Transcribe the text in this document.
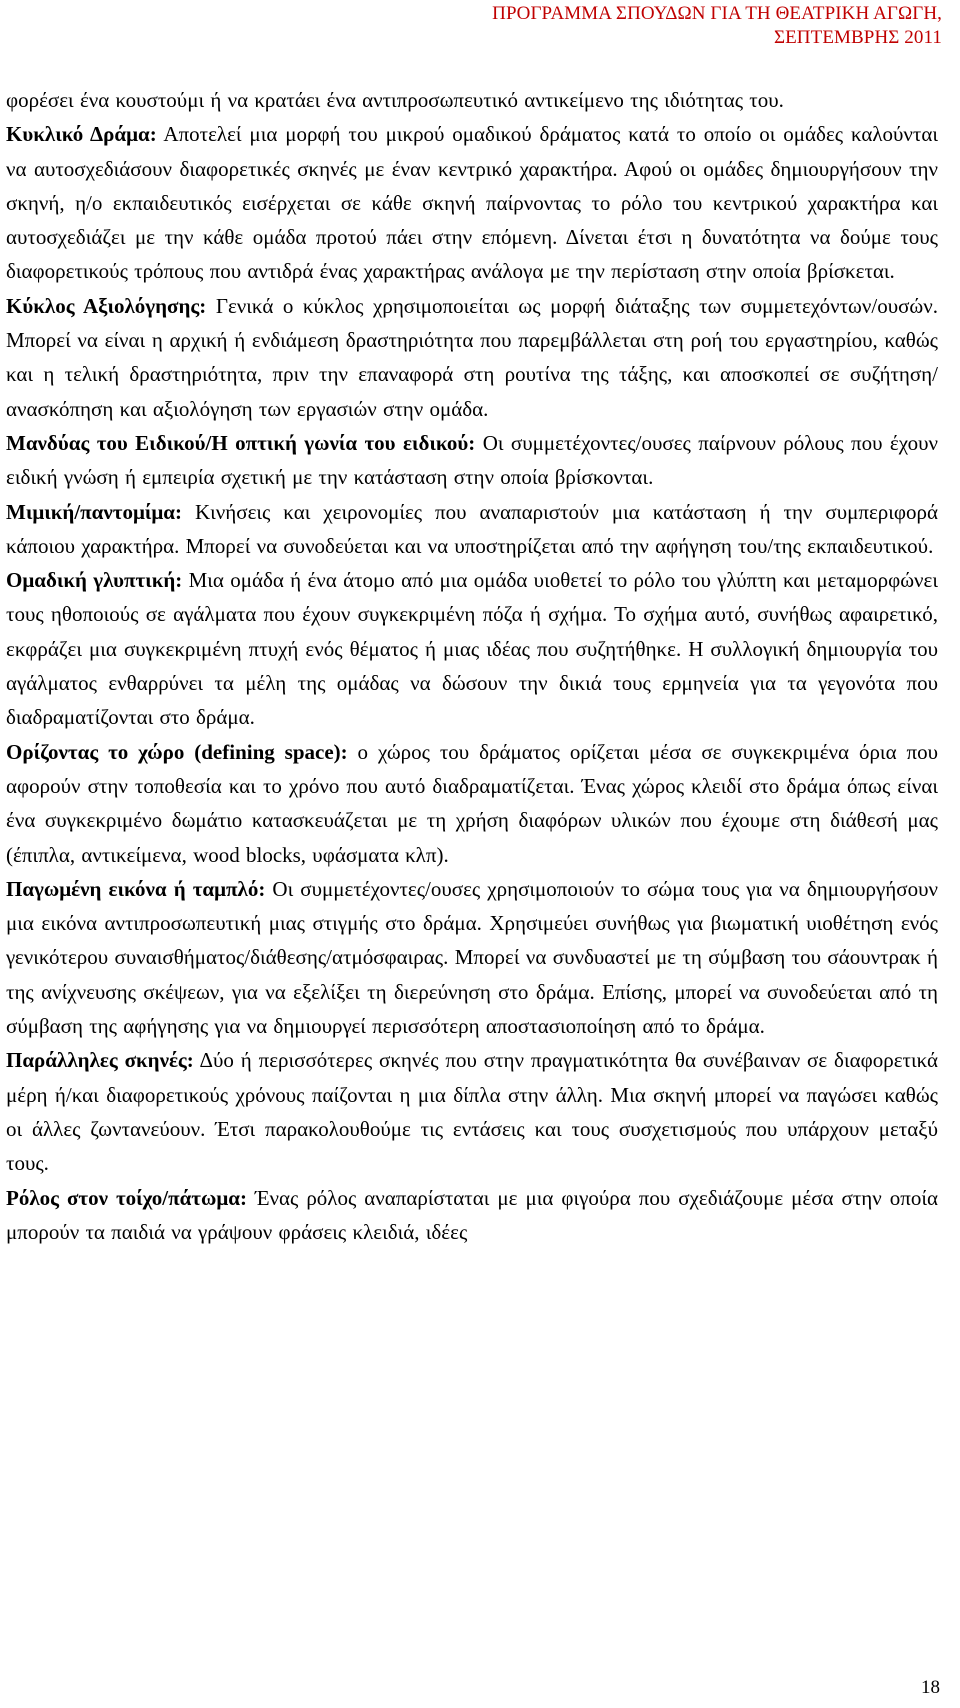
ΠΡΟΓΡΑΜΜΑ ΣΠΟΥΔΩΝ ΓΙΑ ΤΗ ΘΕΑΤΡΙΚΗ ΑΓΩΓΗ,
ΣΕΠΤΕΜΒΡΗΣ 2011

φορέσει ένα κουστούμι ή να κρατάει ένα αντιπροσωπευτικό αντικείμενο της ιδιότητας του.

Κυκλικό Δράμα: Αποτελεί μια μορφή του μικρού ομαδικού δράματος κατά το οποίο οι ομάδες καλούνται να αυτοσχεδιάσουν διαφορετικές σκηνές με έναν κεντρικό χαρακτήρα. Αφού οι ομάδες δημιουργήσουν την σκηνή, η/ο εκπαιδευτικός εισέρχεται σε κάθε σκηνή παίρνοντας το ρόλο του κεντρικού χαρακτήρα και αυτοσχεδιάζει με την κάθε ομάδα προτού πάει στην επόμενη. Δίνεται έτσι η δυνατότητα να δούμε τους διαφορετικούς τρόπους που αντιδρά ένας χαρακτήρας ανάλογα με την περίσταση στην οποία βρίσκεται.

Κύκλος Αξιολόγησης: Γενικά ο κύκλος χρησιμοποιείται ως μορφή διάταξης των συμμετεχόντων/ουσών. Μπορεί να είναι η αρχική ή ενδιάμεση δραστηριότητα που παρεμβάλλεται στη ροή του εργαστηρίου, καθώς και η τελική δραστηριότητα, πριν την επαναφορά στη ρουτίνα της τάξης, και αποσκοπεί σε συζήτηση/ανασκόπηση και αξιολόγηση των εργασιών στην ομάδα.

Μανδύας του Ειδικού/Η οπτική γωνία του ειδικού: Οι συμμετέχοντες/ουσες παίρνουν ρόλους που έχουν ειδική γνώση ή εμπειρία σχετική με την κατάσταση στην οποία βρίσκονται.

Μιμική/παντομίμα: Κινήσεις και χειρονομίες που αναπαριστούν μια κατάσταση ή την συμπεριφορά κάποιου χαρακτήρα. Μπορεί να συνοδεύεται και να υποστηρίζεται από την αφήγηση του/της εκπαιδευτικού.

Ομαδική γλυπτική: Μια ομάδα ή ένα άτομο από μια ομάδα υιοθετεί το ρόλο του γλύπτη και μεταμορφώνει τους ηθοποιούς σε αγάλματα που έχουν συγκεκριμένη πόζα ή σχήμα. Το σχήμα αυτό, συνήθως αφαιρετικό, εκφράζει μια συγκεκριμένη πτυχή ενός θέματος ή μιας ιδέας που συζητήθηκε. Η συλλογική δημιουργία του αγάλματος ενθαρρύνει τα μέλη της ομάδας να δώσουν την δικιά τους ερμηνεία για τα γεγονότα που διαδραματίζονται στο δράμα.

Ορίζοντας το χώρο (defining space): ο χώρος του δράματος ορίζεται μέσα σε συγκεκριμένα όρια που αφορούν στην τοποθεσία και το χρόνο που αυτό διαδραματίζεται. Ένας χώρος κλειδί στο δράμα όπως είναι ένα συγκεκριμένο δωμάτιο κατασκευάζεται με τη χρήση διαφόρων υλικών που έχουμε στη διάθεσή μας (έπιπλα, αντικείμενα, wood blocks, υφάσματα κλπ).

Παγωμένη εικόνα ή ταμπλό: Οι συμμετέχοντες/ουσες χρησιμοποιούν το σώμα τους για να δημιουργήσουν μια εικόνα αντιπροσωπευτική μιας στιγμής στο δράμα. Χρησιμεύει συνήθως για βιωματική υιοθέτηση ενός γενικότερου συναισθήματος/διάθεσης/ατμόσφαιρας. Μπορεί να συνδυαστεί με τη σύμβαση του σάουντρακ ή της ανίχνευσης σκέψεων, για να εξελίξει τη διερεύνηση στο δράμα. Επίσης, μπορεί να συνοδεύεται από τη σύμβαση της αφήγησης για να δημιουργεί περισσότερη αποστασιοποίηση από το δράμα.

Παράλληλες σκηνές: Δύο ή περισσότερες σκηνές που στην πραγματικότητα θα συνέβαιναν σε διαφορετικά μέρη ή/και διαφορετικούς χρόνους παίζονται η μια δίπλα στην άλλη. Μια σκηνή μπορεί να παγώσει καθώς οι άλλες ζωντανεύουν. Έτσι παρακολουθούμε τις εντάσεις και τους συσχετισμούς που υπάρχουν μεταξύ τους.

Ρόλος στον τοίχο/πάτωμα: Ένας ρόλος αναπαρίσταται με μια φιγούρα που σχεδιάζουμε μέσα στην οποία μπορούν τα παιδιά να γράψουν φράσεις κλειδιά, ιδέες

18
